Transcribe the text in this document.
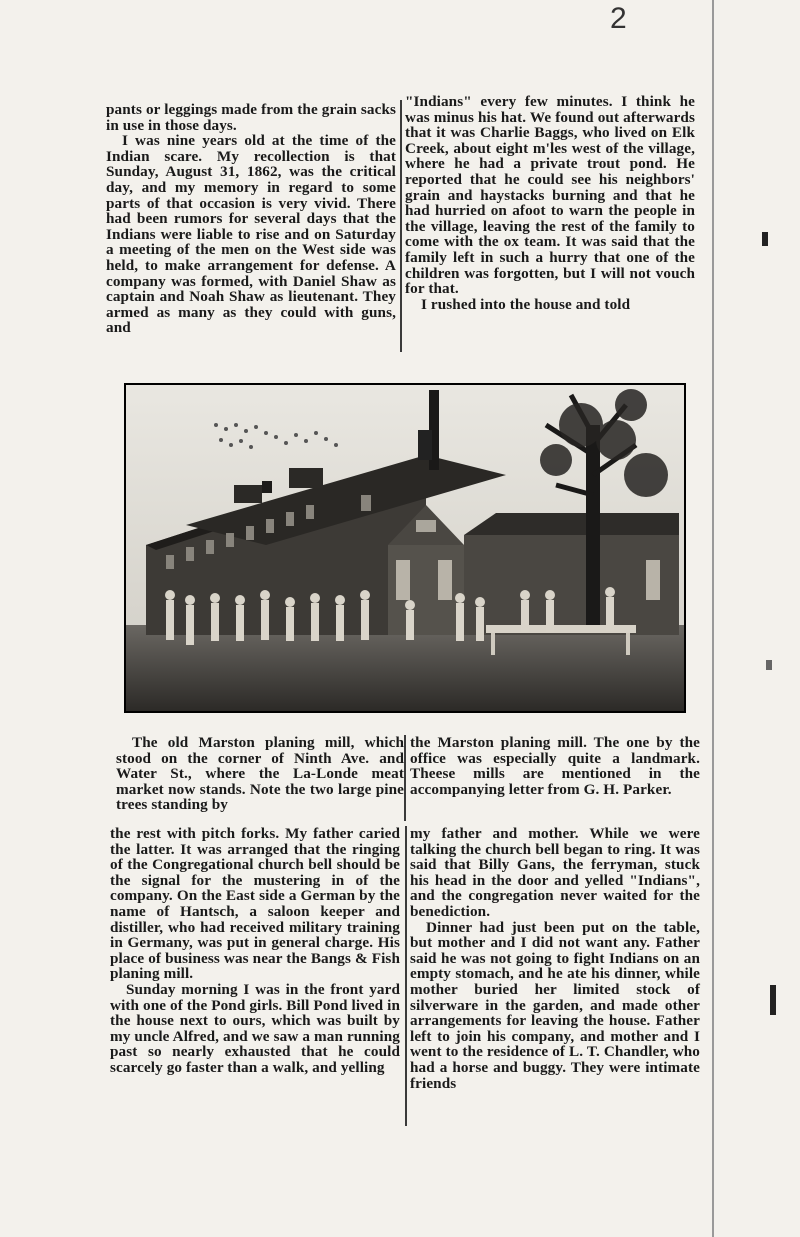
2

pants or leggings made from the grain sacks in use in those days.

I was nine years old at the time of the Indian scare. My recollection is that Sunday, August 31, 1862, was the critical day, and my memory in regard to some parts of that occasion is very vivid. There had been rumors for several days that the Indians were liable to rise and on Saturday a meeting of the men on the West side was held, to make arrangement for defense. A company was formed, with Daniel Shaw as captain and Noah Shaw as lieutenant. They armed as many as they could with guns, and

"Indians" every few minutes. I think he was minus his hat. We found out afterwards that it was Charlie Baggs, who lived on Elk Creek, about eight m'les west of the village, where he had a private trout pond. He reported that he could see his neighbors' grain and haystacks burning and that he had hurried on afoot to warn the people in the village, leaving the rest of the family to come with the ox team. It was said that the family left in such a hurry that one of the children was forgotten, but I will not vouch for that.

I rushed into the house and told

The old Marston planing mill, which stood on the corner of Ninth Ave. and Water St., where the La-Londe meat market now stands. Note the two large pine trees standing by

the Marston planing mill. The one by the office was especially quite a landmark. Theese mills are mentioned in the accompanying letter from G. H. Parker.

the rest with pitch forks. My father caried the latter. It was arranged that the ringing of the Congregational church bell should be the signal for the mustering in of the company. On the East side a German by the name of Hantsch, a saloon keeper and distiller, who had received military training in Germany, was put in general charge. His place of business was near the Bangs & Fish planing mill.

Sunday morning I was in the front yard with one of the Pond girls. Bill Pond lived in the house next to ours, which was built by my uncle Alfred, and we saw a man running past so nearly exhausted that he could scarcely go faster than a walk, and yelling

my father and mother. While we were talking the church bell began to ring. It was said that Billy Gans, the ferryman, stuck his head in the door and yelled "Indians", and the congregation never waited for the benediction.

Dinner had just been put on the table, but mother and I did not want any. Father said he was not going to fight Indians on an empty stomach, and he ate his dinner, while mother buried her limited stock of silverware in the garden, and made other arrangements for leaving the house. Father left to join his company, and mother and I went to the residence of L. T. Chandler, who had a horse and buggy. They were intimate friends
